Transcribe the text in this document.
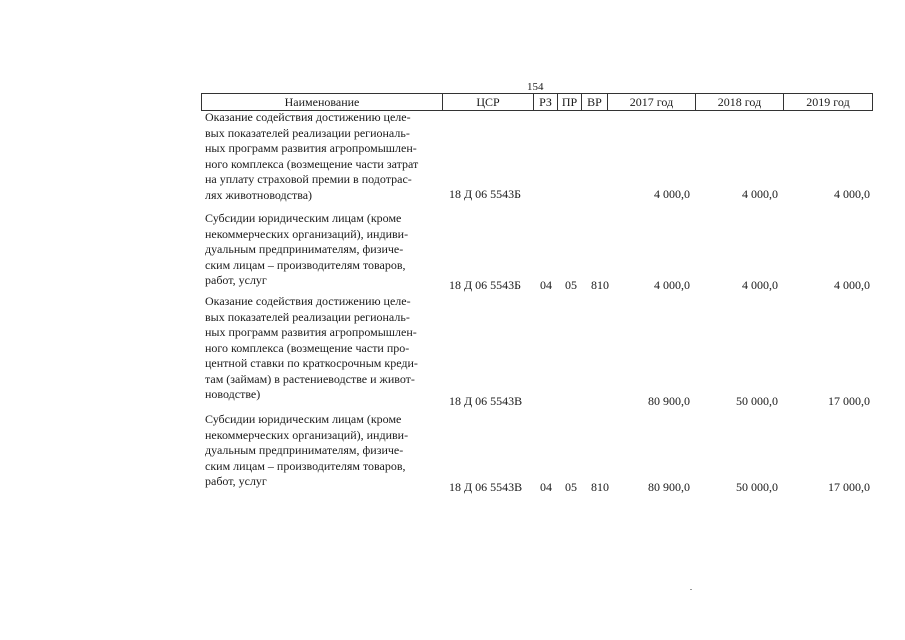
154
Наименование	ЦСР	РЗ ПР ВР	2017 год	2018 год	2019 год
Оказание содействия достижению целе-
вых показателей реализации региональ-
ных программ развития агропромышлен-
ного комплекса (возмещение части затрат
на уплату страховой премии в подотрас-
лях животноводства)	18 Д 06 5543Б	4 000,0	4 000,0	4 000,0
Субсидии юридическим лицам (кроме
некоммерческих организаций), индиви-
дуальным предпринимателям, физиче-
ским лицам – производителям товаров,
работ, услуг	18 Д 06 5543Б 04 05 810	4 000,0	4 000,0	4 000,0
Оказание содействия достижению целе-
вых показателей реализации региональ-
ных программ развития агропромышлен-
ного комплекса (возмещение части про-
центной ставки по краткосрочным креди-
там (займам) в растениеводстве и живот-
новодстве)	18 Д 06 5543В	80 900,0	50 000,0	17 000,0
Субсидии юридическим лицам (кроме
некоммерческих организаций), индиви-
дуальным предпринимателям, физиче-
ским лицам – производителям товаров,
работ, услуг	18 Д 06 5543В 04 05 810	80 900,0	50 000,0	17 000,0
